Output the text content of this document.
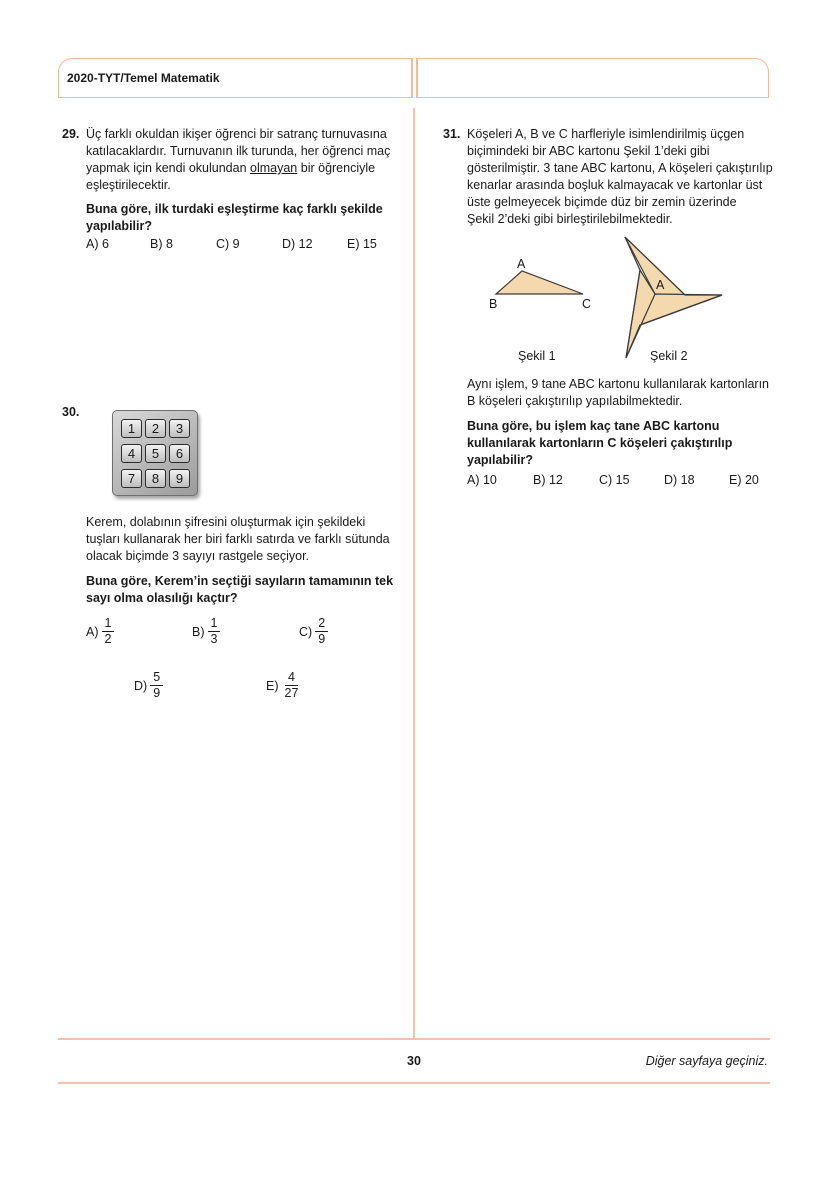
2020-TYT/Temel Matematik
29. Üç farklı okuldan ikişer öğrenci bir satranç turnuvasına
katılacaklardır. Turnuvanın ilk turunda, her öğrenci maç
yapmak için kendi okulundan olmayan bir öğrenciyle
eşleştirilecektir.
Buna göre, ilk turdaki eşleştirme kaç farklı şekilde
yapılabilir?
A) 6	B) 8	C) 9	D) 12	E) 15
30.
1	2	3
4	5	6
7	8	9
Kerem, dolabının şifresini oluşturmak için şekildeki
tuşları kullanarak her biri farklı satırda ve farklı sütunda
olacak biçimde 3 sayıyı rastgele seçiyor.
Buna göre, Kerem’in seçtiği sayıların tamamının tek
sayı olma olasılığı kaçtır?
$A) \frac{1}{2}$	$B) \frac{1}{3}$	$C) \frac{2}{9}$
$D) \frac{5}{9}$	$E) \frac{4}{27}$
31. Köşeleri A, B ve C harfleriyle isimlendirilmiş üçgen
biçimindeki bir ABC kartonu Şekil 1’deki gibi
gösterilmiştir. 3 tane ABC kartonu, A köşeleri çakıştırılıp
kenarlar arasında boşluk kalmayacak ve kartonlar üst
üste gelmeyecek biçimde düz bir zemin üzerinde
Şekil 2’deki gibi birleştirilebilmektedir.
A
B	C
A
Şekil 1	Şekil 2
Aynı işlem, 9 tane ABC kartonu kullanılarak kartonların
B köşeleri çakıştırılıp yapılabilmektedir.
Buna göre, bu işlem kaç tane ABC kartonu
kullanılarak kartonların C köşeleri çakıştırılıp
yapılabilir?
A) 10	B) 12	C) 15	D) 18	E) 20
30	Diğer sayfaya geçiniz.
